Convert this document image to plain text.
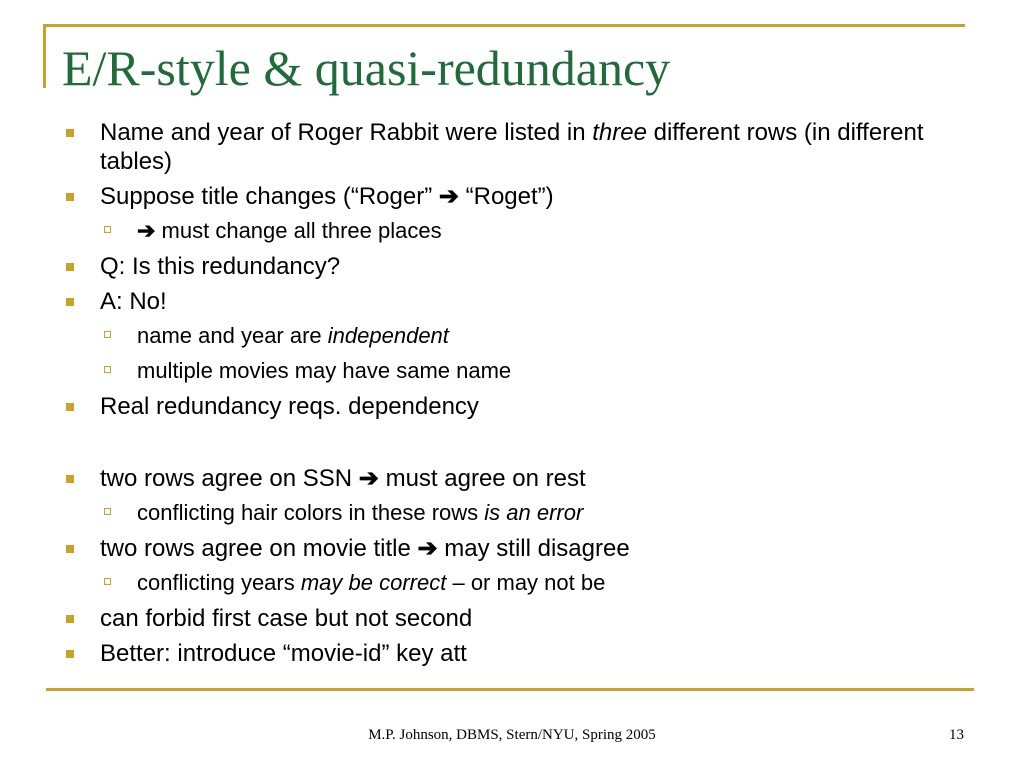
E/R-style & quasi-redundancy
Name and year of Roger Rabbit were listed in three different rows (in different tables)
Suppose title changes (“Roger” ➔ “Roget”)
➔ must change all three places
Q: Is this redundancy?
A: No!
name and year are independent
multiple movies may have same name
Real redundancy reqs. dependency
two rows agree on SSN ➔ must agree on rest
conflicting hair colors in these rows is an error
two rows agree on movie title ➔ may still disagree
conflicting years may be correct – or may not be
can forbid first case but not second
Better: introduce “movie-id” key att
M.P. Johnson, DBMS, Stern/NYU, Spring 2005	13
